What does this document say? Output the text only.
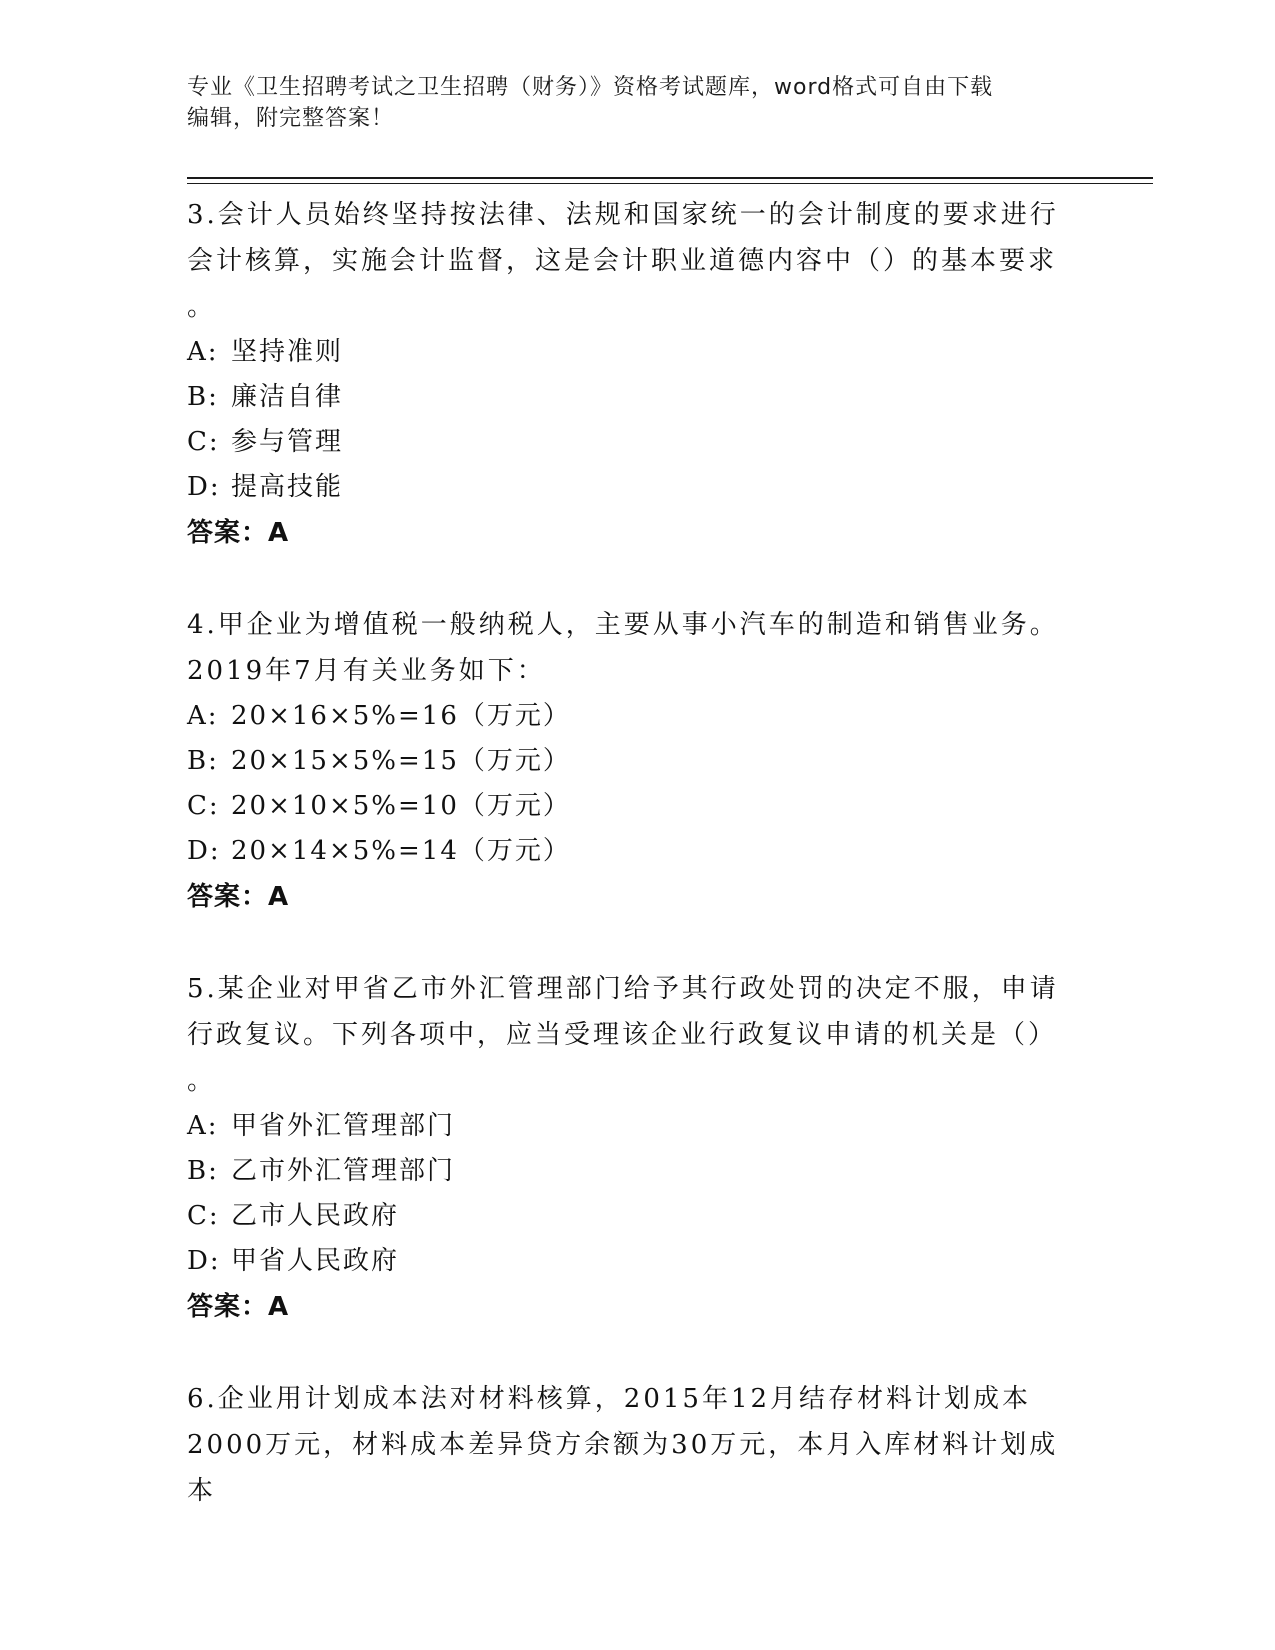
专业《卫生招聘考试之卫生招聘（财务）》资格考试题库，word格式可自由下载
编辑，附完整答案！

3.会计人员始终坚持按法律、法规和国家统一的会计制度的要求进行

会计核算，实施会计监督，这是会计职业道德内容中（）的基本要求

。

A: 坚持准则

B: 廉洁自律

C: 参与管理

D: 提高技能

答案：A

4.甲企业为增值税一般纳税人，主要从事小汽车的制造和销售业务。

2019年7月有关业务如下：

A: 20×16×5%=16（万元）

B: 20×15×5%=15（万元）

C: 20×10×5%=10（万元）

D: 20×14×5%=14（万元）

答案：A

5.某企业对甲省乙市外汇管理部门给予其行政处罚的决定不服，申请

行政复议。下列各项中，应当受理该企业行政复议申请的机关是（）

。

A: 甲省外汇管理部门

B: 乙市外汇管理部门

C: 乙市人民政府

D: 甲省人民政府

答案：A

6.企业用计划成本法对材料核算，2015年12月结存材料计划成本

2000万元，材料成本差异贷方余额为30万元，本月入库材料计划成本
